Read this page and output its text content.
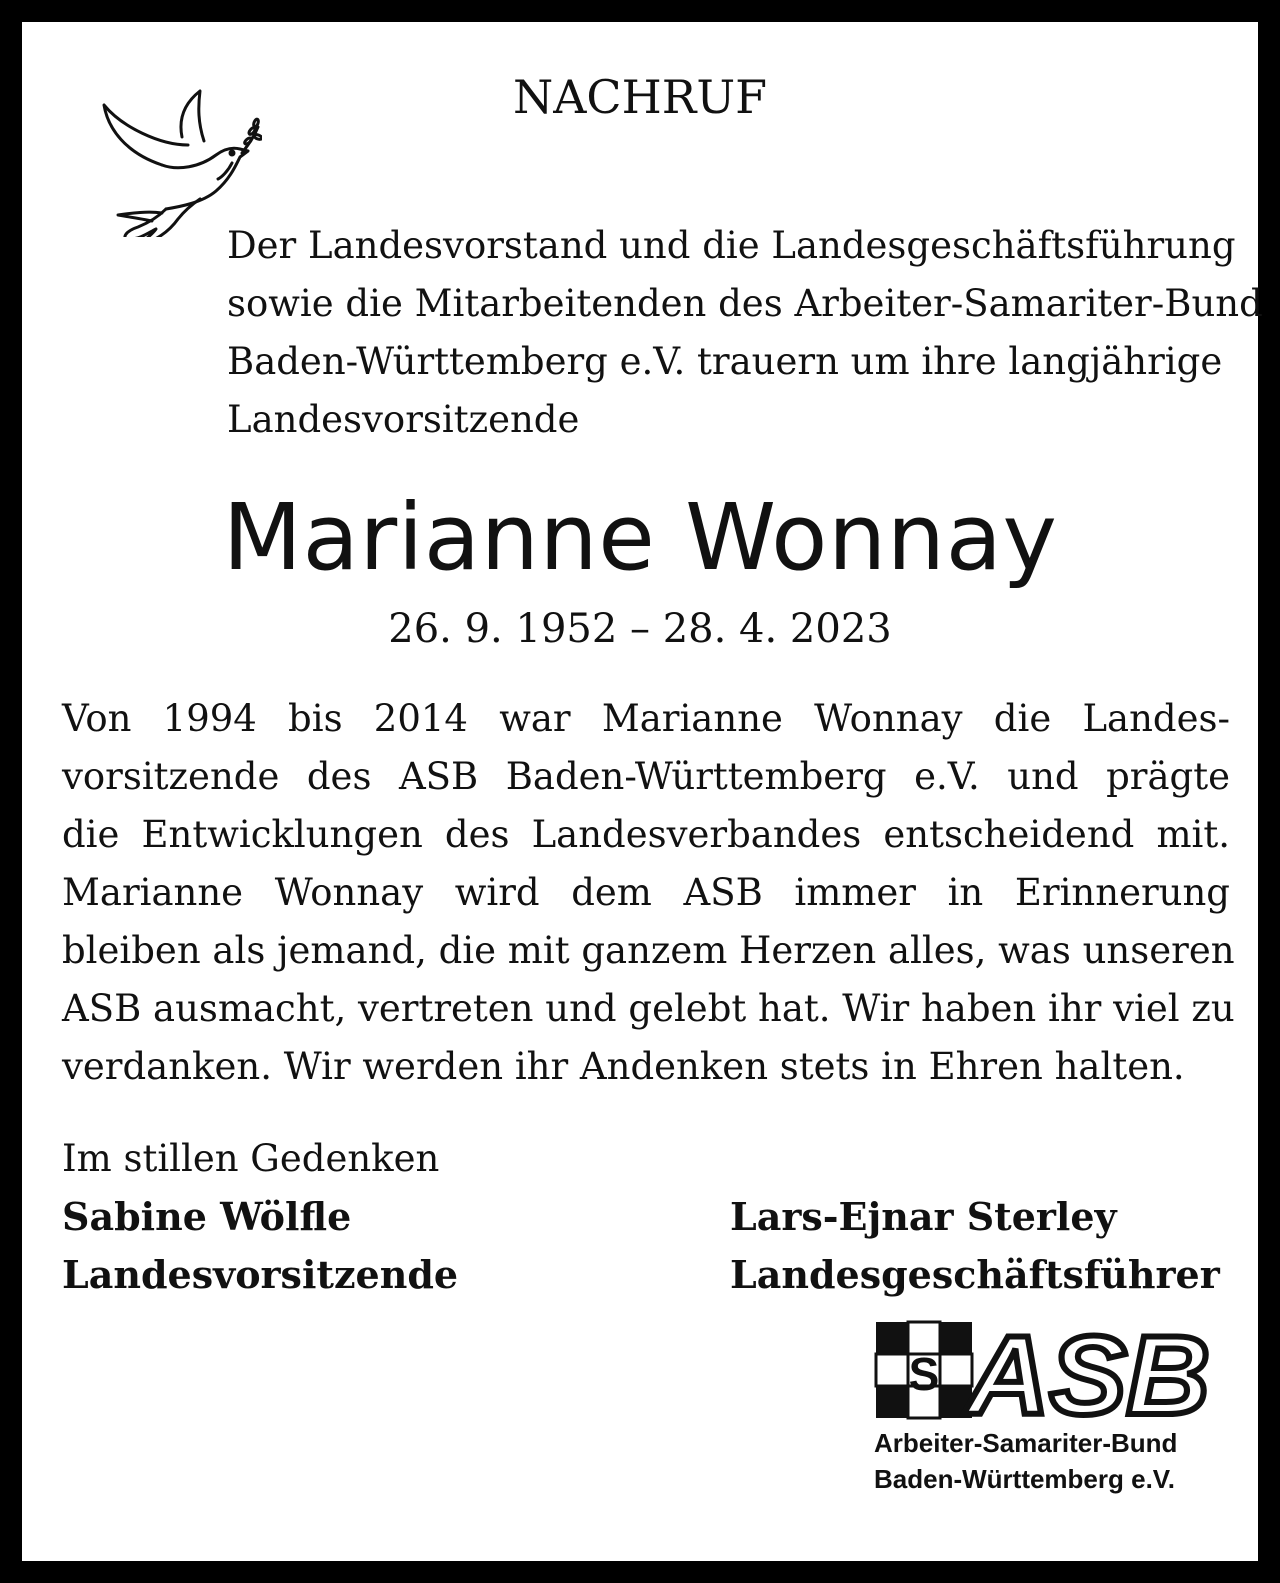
NACHRUF
Der Landesvorstand und die Landesgeschäftsführung
sowie die Mitarbeitenden des Arbeiter-Samariter-Bund
Baden-Württemberg e.V. trauern um ihre langjährige
Landesvorsitzende
Marianne Wonnay
26. 9. 1952 – 28. 4. 2023
Von 1994 bis 2014 war Marianne Wonnay die Landes-
vorsitzende des ASB Baden-Württemberg e.V. und prägte
die Entwicklungen des Landesverbandes entscheidend mit.
Marianne Wonnay wird dem ASB immer in Erinnerung
bleiben als jemand, die mit ganzem Herzen alles, was unseren
ASB ausmacht, vertreten und gelebt hat. Wir haben ihr viel zu
verdanken. Wir werden ihr Andenken stets in Ehren halten.
Im stillen Gedenken
Sabine Wölfle
Landesvorsitzende
Lars-Ejnar Sterley
Landesgeschäftsführer
S ASB
Arbeiter-Samariter-Bund
Baden-Württemberg e.V.
